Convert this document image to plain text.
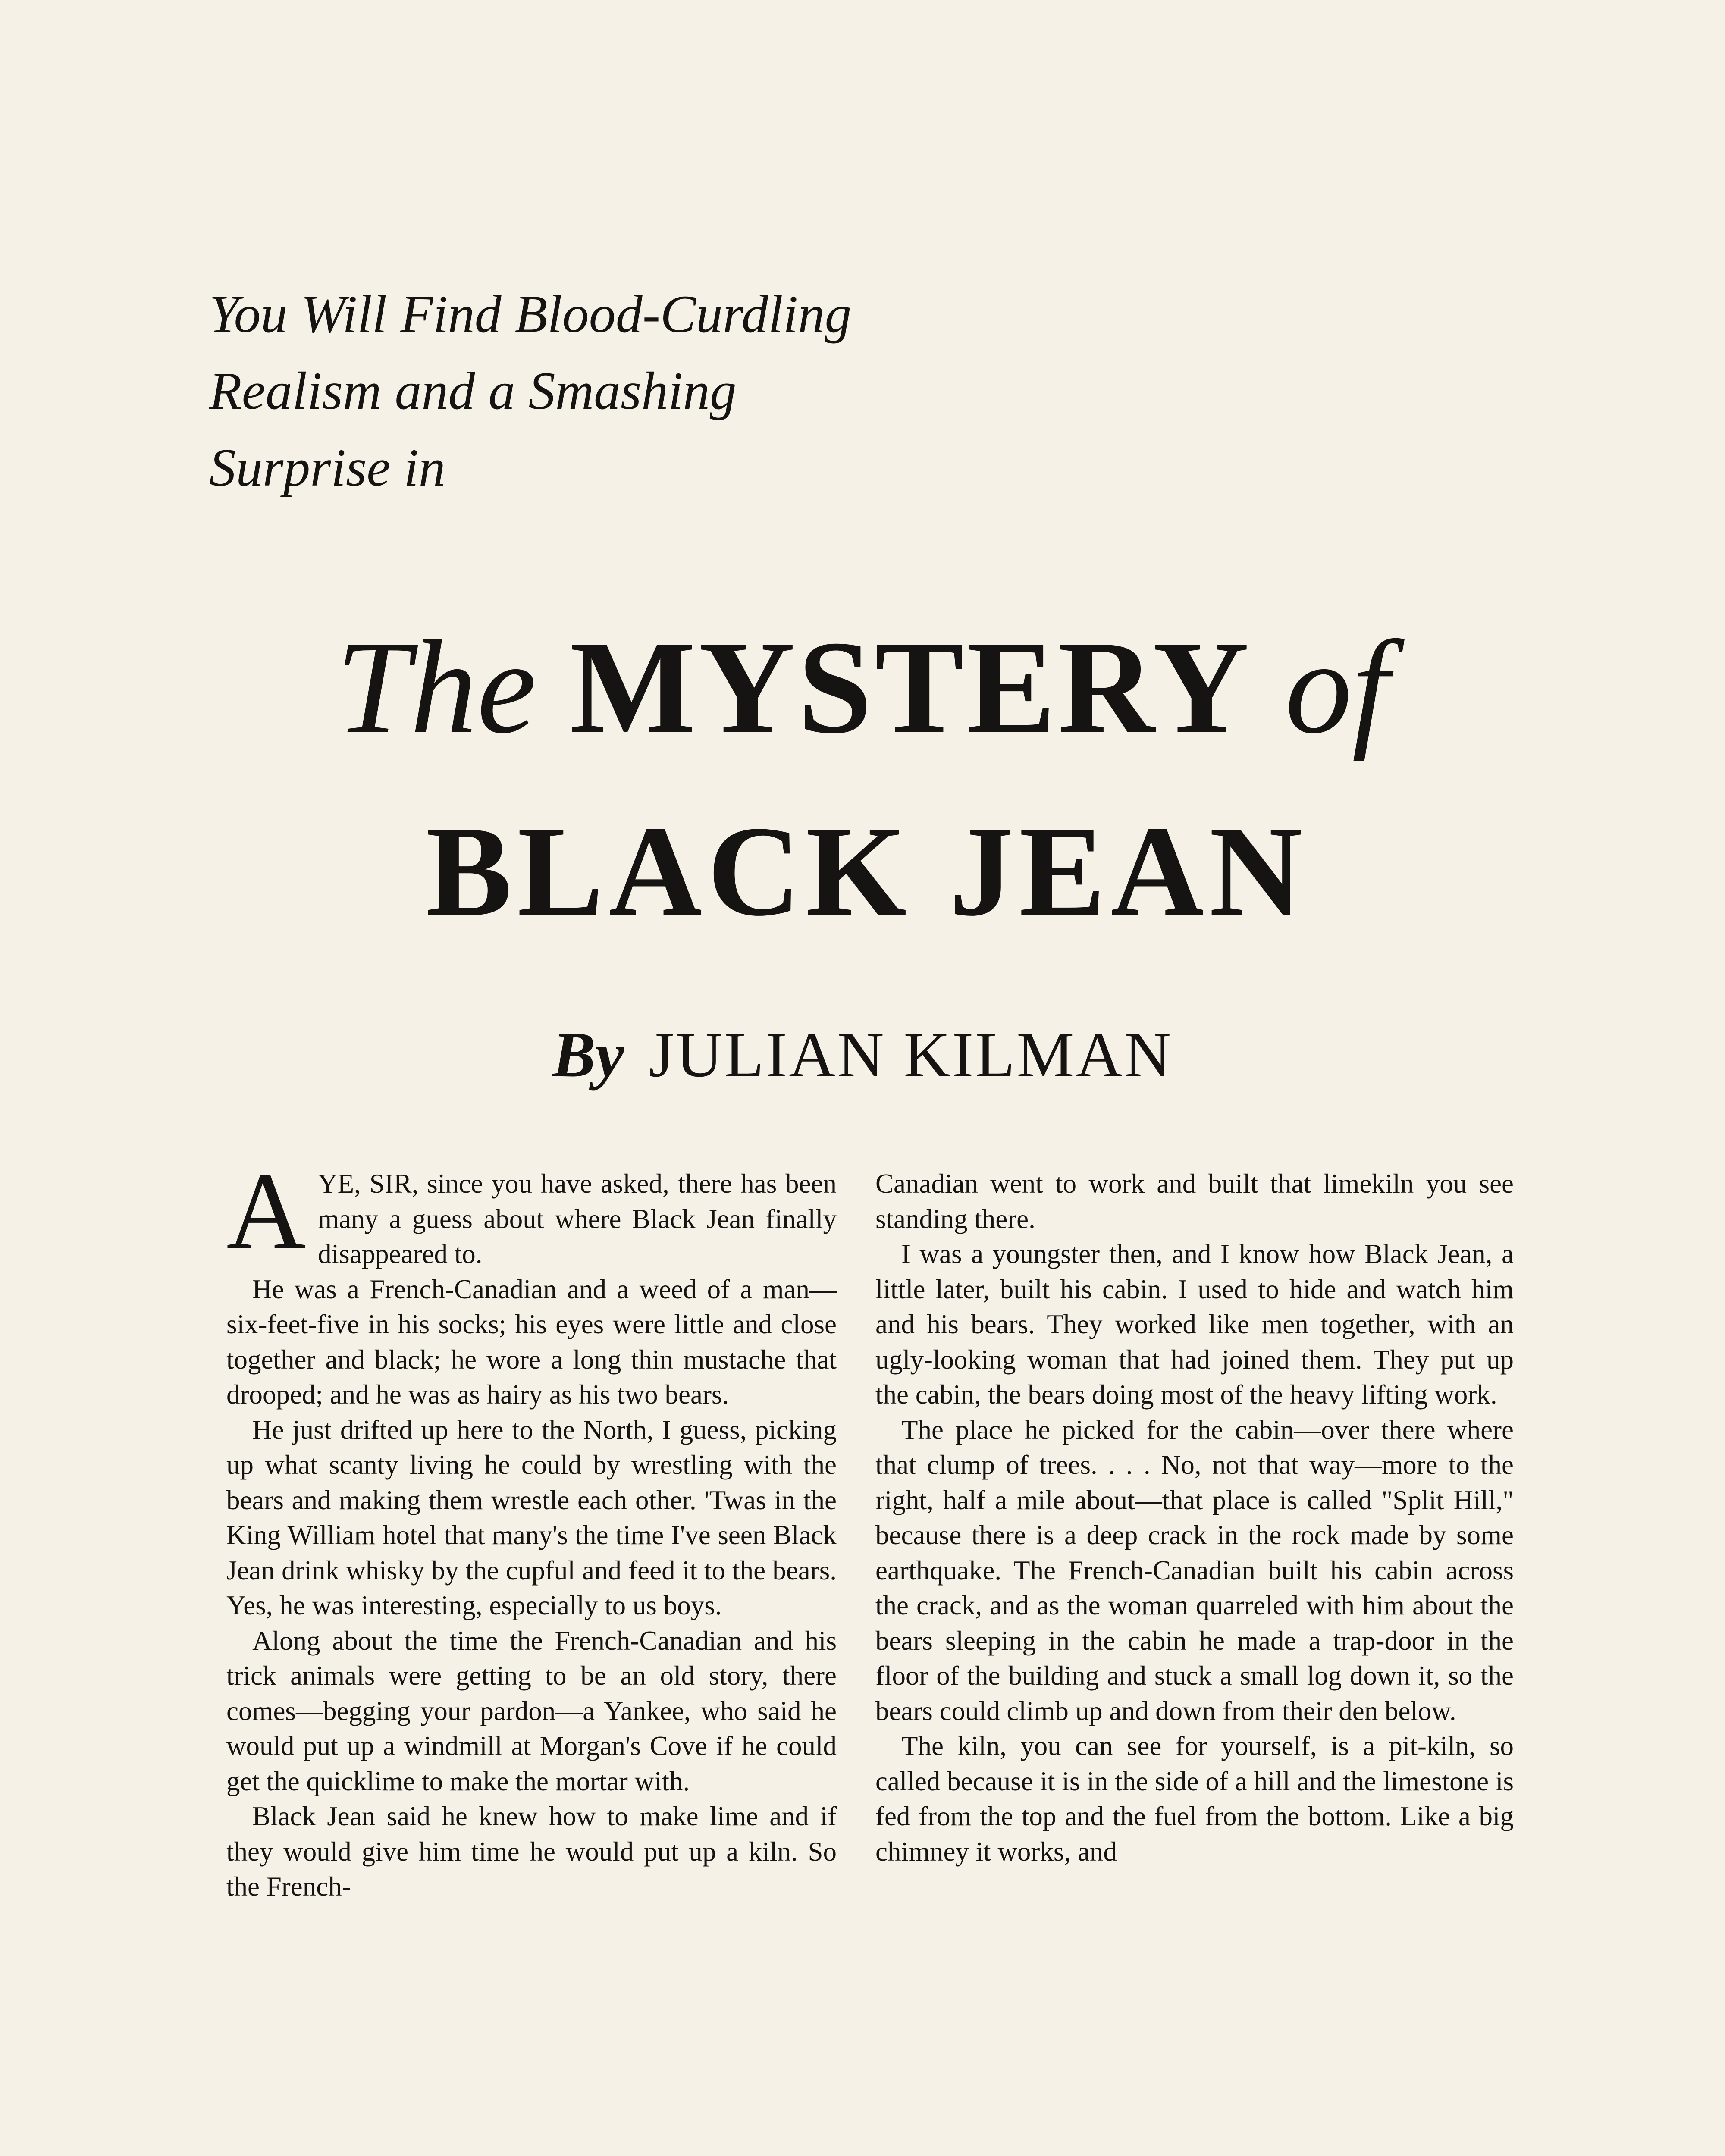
You Will Find Blood-Curdling
Realism and a Smashing
Surprise in
The MYSTERY of
BLACK JEAN
By JULIAN KILMAN

AYE, SIR, since you have asked, there has been many a guess about where Black Jean finally disappeared to.

He was a French-Canadian and a weed of a man—six-feet-five in his socks; his eyes were little and close together and black; he wore a long thin mustache that drooped; and he was as hairy as his two bears.

He just drifted up here to the North, I guess, picking up what scanty living he could by wrestling with the bears and making them wrestle each other. 'Twas in the King William hotel that many's the time I've seen Black Jean drink whisky by the cupful and feed it to the bears. Yes, he was interesting, especially to us boys.

Along about the time the French-Canadian and his trick animals were getting to be an old story, there comes—begging your pardon—a Yankee, who said he would put up a windmill at Morgan's Cove if he could get the quicklime to make the mortar with.

Black Jean said he knew how to make lime and if they would give him time he would put up a kiln. So the French-

Canadian went to work and built that limekiln you see standing there.

I was a youngster then, and I know how Black Jean, a little later, built his cabin. I used to hide and watch him and his bears. They worked like men together, with an ugly-looking woman that had joined them. They put up the cabin, the bears doing most of the heavy lifting work.

The place he picked for the cabin—over there where that clump of trees. . . . No, not that way—more to the right, half a mile about—that place is called "Split Hill," because there is a deep crack in the rock made by some earthquake. The French-Canadian built his cabin across the crack, and as the woman quarreled with him about the bears sleeping in the cabin he made a trap-door in the floor of the building and stuck a small log down it, so the bears could climb up and down from their den below.

The kiln, you can see for yourself, is a pit-kiln, so called because it is in the side of a hill and the limestone is fed from the top and the fuel from the bottom. Like a big chimney it works, and
